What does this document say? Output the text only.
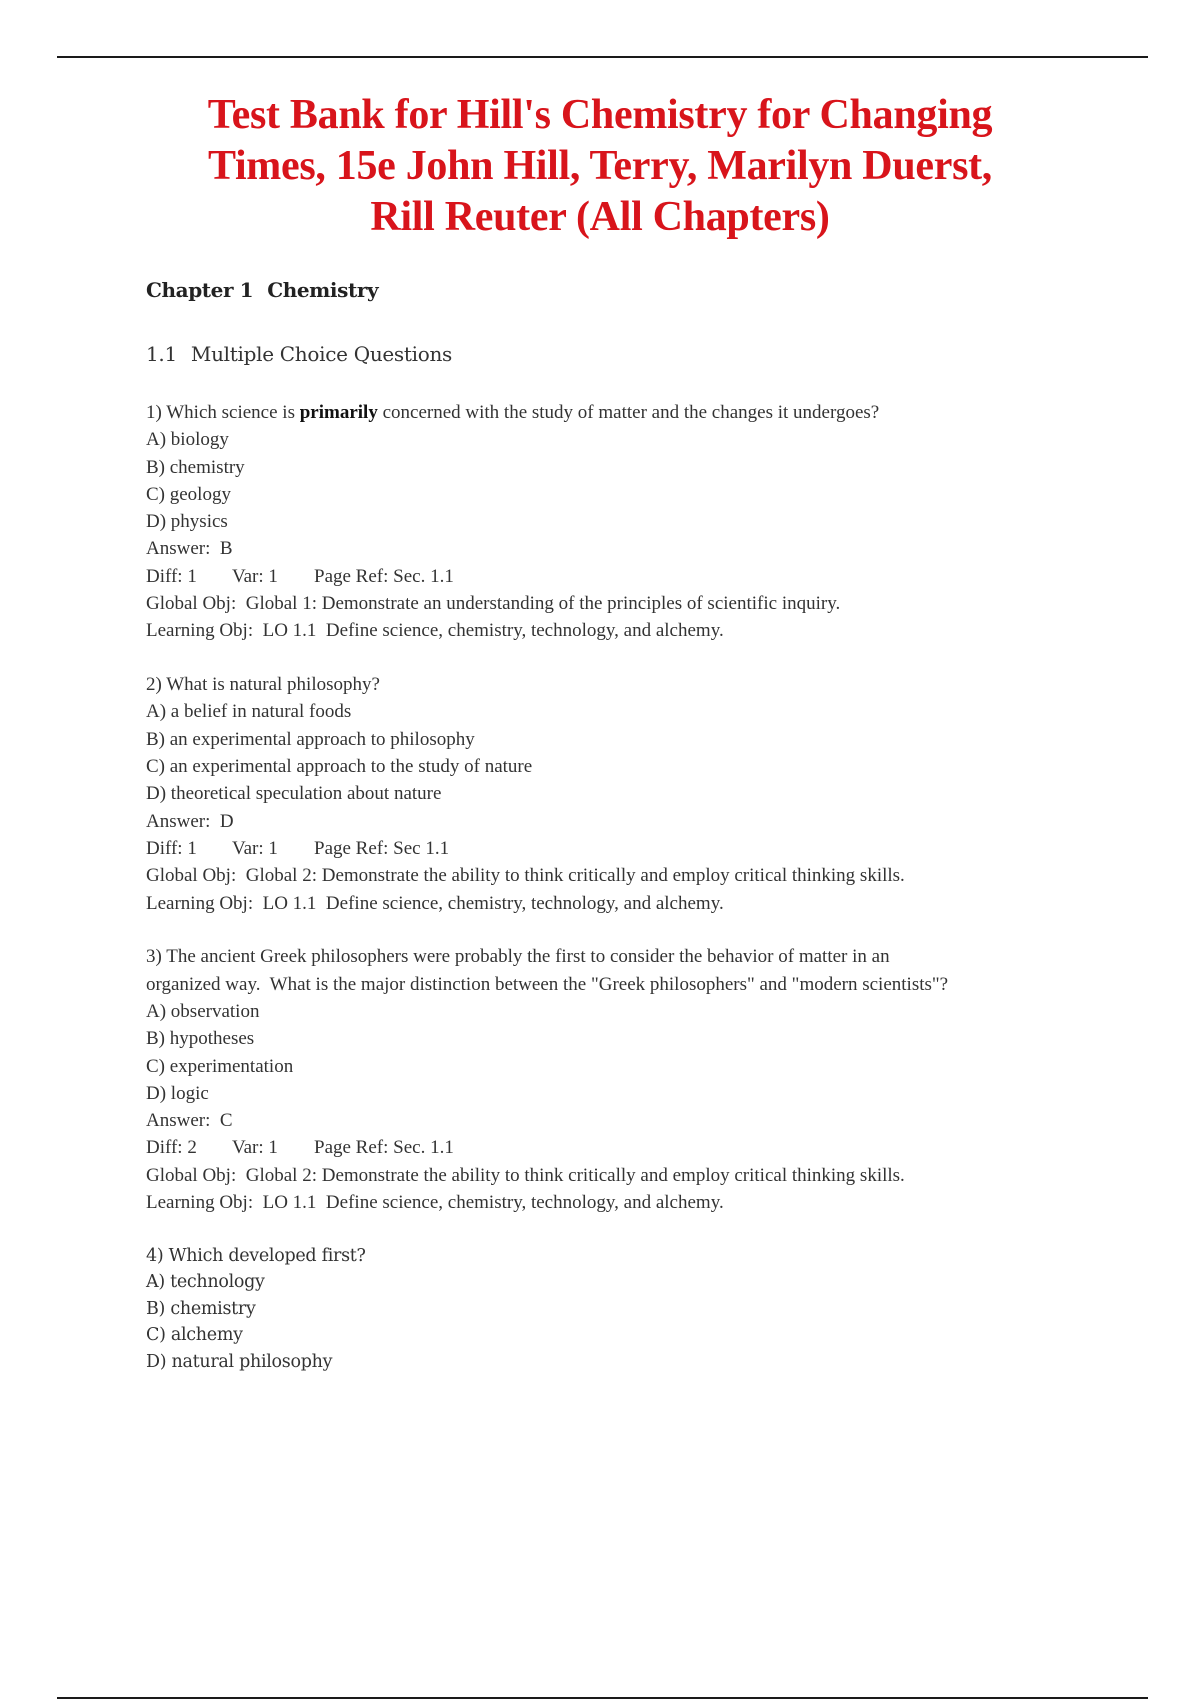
Test Bank for Hill's Chemistry for Changing
Times, 15e John Hill, Terry, Marilyn Duerst,
Rill Reuter (All Chapters)
Chapter 1 Chemistry
1.1 Multiple Choice Questions
1) Which science is primarily concerned with the study of matter and the changes it undergoes?
A) biology
B) chemistry
C) geology
D) physics
Answer:  B
Diff: 1 Var: 1 Page Ref: Sec. 1.1
Global Obj:  Global 1: Demonstrate an understanding of the principles of scientific inquiry.
Learning Obj:  LO 1.1  Define science, chemistry, technology, and alchemy.
2) What is natural philosophy?
A) a belief in natural foods
B) an experimental approach to philosophy
C) an experimental approach to the study of nature
D) theoretical speculation about nature
Answer:  D
Diff: 1 Var: 1 Page Ref: Sec 1.1
Global Obj:  Global 2: Demonstrate the ability to think critically and employ critical thinking skills.
Learning Obj:  LO 1.1  Define science, chemistry, technology, and alchemy.
3) The ancient Greek philosophers were probably the first to consider the behavior of matter in an
organized way.  What is the major distinction between the "Greek philosophers" and "modern scientists"?
A) observation
B) hypotheses
C) experimentation
D) logic
Answer:  C
Diff: 2 Var: 1 Page Ref: Sec. 1.1
Global Obj:  Global 2: Demonstrate the ability to think critically and employ critical thinking skills.
Learning Obj:  LO 1.1  Define science, chemistry, technology, and alchemy.
4) Which developed first?
A) technology
B) chemistry
C) alchemy
D) natural philosophy
